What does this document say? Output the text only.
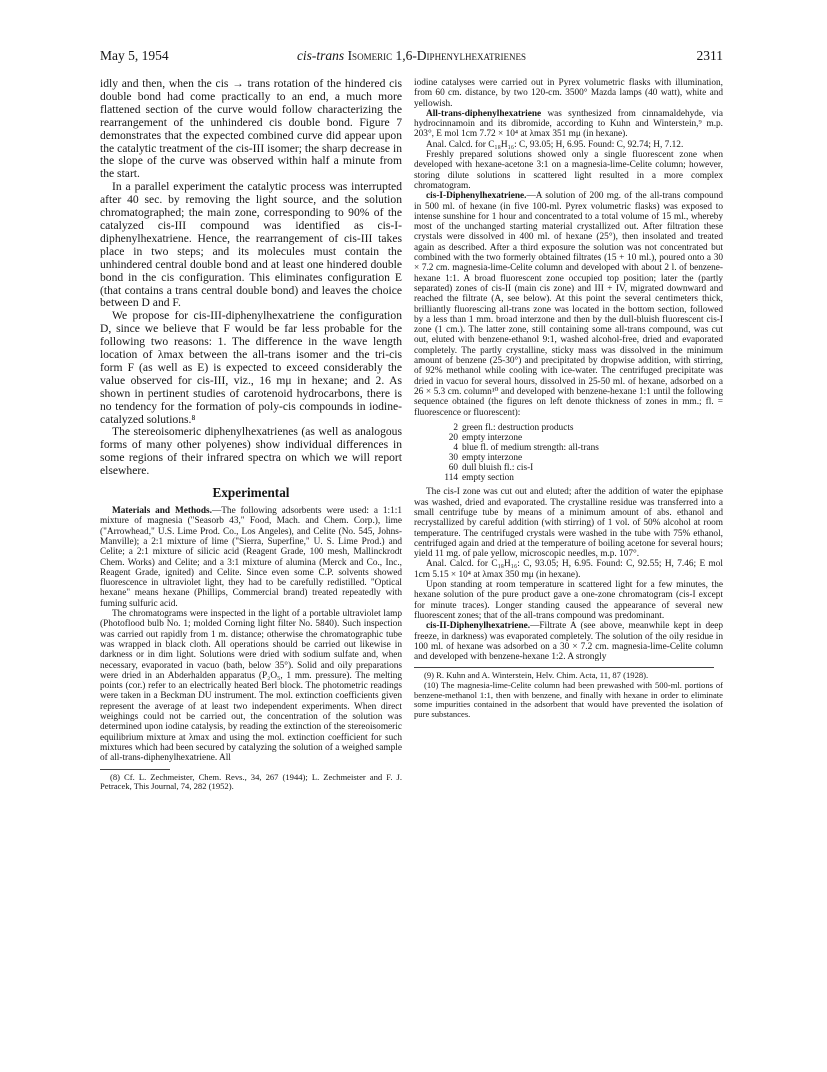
May 5, 1954	cis-trans Isomeric 1,6-Diphenylhexatrienes	2311

idly and then, when the cis → trans rotation of the hindered cis double bond had come practically to an end, a much more flattened section of the curve would follow characterizing the rearrangement of the unhindered cis double bond. Figure 7 demonstrates that the expected combined curve did appear upon the catalytic treatment of the cis-III isomer; the sharp decrease in the slope of the curve was observed within half a minute from the start.

In a parallel experiment the catalytic process was interrupted after 40 sec. by removing the light source, and the solution chromatographed; the main zone, corresponding to 90% of the catalyzed cis-III compound was identified as cis-I-diphenylhexatriene. Hence, the rearrangement of cis-III takes place in two steps; and its molecules must contain the unhindered central double bond and at least one hindered double bond in the cis configuration. This eliminates configuration E (that contains a trans central double bond) and leaves the choice between D and F.

We propose for cis-III-diphenylhexatriene the configuration D, since we believe that F would be far less probable for the following two reasons: 1. The difference in the wave length location of λmax between the all-trans isomer and the tri-cis form F (as well as E) is expected to exceed considerably the value observed for cis-III, viz., 16 mμ in hexane; and 2. As shown in pertinent studies of carotenoid hydrocarbons, there is no tendency for the formation of poly-cis compounds in iodine-catalyzed solutions.⁸

The stereoisomeric diphenylhexatrienes (as well as analogous forms of many other polyenes) show individual differences in some regions of their infrared spectra on which we will report elsewhere.

Experimental

Materials and Methods.—The following adsorbents were used: a 1:1:1 mixture of magnesia ("Seasorb 43," Food, Mach. and Chem. Corp.), lime ("Arrowhead," U.S. Lime Prod. Co., Los Angeles), and Celite (No. 545, Johns-Manville); a 2:1 mixture of lime ("Sierra, Superfine," U. S. Lime Prod.) and Celite; a 2:1 mixture of silicic acid (Reagent Grade, 100 mesh, Mallinckrodt Chem. Works) and Celite; and a 3:1 mixture of alumina (Merck and Co., Inc., Reagent Grade, ignited) and Celite. Since even some C.P. solvents showed fluorescence in ultraviolet light, they had to be carefully redistilled. "Optical hexane" means hexane (Phillips, Commercial brand) treated repeatedly with fuming sulfuric acid.

The chromatograms were inspected in the light of a portable ultraviolet lamp (Photoflood bulb No. 1; molded Corning light filter No. 5840). Such inspection was carried out rapidly from 1 m. distance; otherwise the chromatographic tube was wrapped in black cloth. All operations should be carried out likewise in darkness or in dim light. Solutions were dried with sodium sulfate and, when necessary, evaporated in vacuo (bath, below 35°). Solid and oily preparations were dried in an Abderhalden apparatus (P₂O₅, 1 mm. pressure). The melting points (cor.) refer to an electrically heated Berl block. The photometric readings were taken in a Beckman DU instrument. The mol. extinction coefficients given represent the average of at least two independent experiments. When direct weighings could not be carried out, the concentration of the solution was determined upon iodine catalysis, by reading the extinction of the stereoisomeric equilibrium mixture at λmax and using the mol. extinction coefficient for such mixtures which had been secured by catalyzing the solution of a weighed sample of all-trans-diphenylhexatriene. All

(8) Cf. L. Zechmeister, Chem. Revs., 34, 267 (1944); L. Zechmeister and F. J. Petracek, This Journal, 74, 282 (1952).

iodine catalyses were carried out in Pyrex volumetric flasks with illumination, from 60 cm. distance, by two 120-cm. 3500° Mazda lamps (40 watt), white and yellowish.

All-trans-diphenylhexatriene was synthesized from cinnamaldehyde, via hydrocinnamoin and its dibromide, according to Kuhn and Winterstein,⁹ m.p. 203°, E mol 1cm 7.72 × 10⁴ at λmax 351 mμ (in hexane).

Anal. Calcd. for C₁₈H₁₆: C, 93.05; H, 6.95. Found: C, 92.74; H, 7.12.

Freshly prepared solutions showed only a single fluorescent zone when developed with hexane-acetone 3:1 on a magnesia-lime-Celite column; however, storing dilute solutions in scattered light resulted in a more complex chromatogram.

cis-I-Diphenylhexatriene.—A solution of 200 mg. of the all-trans compound in 500 ml. of hexane (in five 100-ml. Pyrex volumetric flasks) was exposed to intense sunshine for 1 hour and concentrated to a total volume of 15 ml., whereby most of the unchanged starting material crystallized out. After filtration these crystals were dissolved in 400 ml. of hexane (25°), then insolated and treated again as described. After a third exposure the solution was not concentrated but combined with the two formerly obtained filtrates (15 + 10 ml.), poured onto a 30 × 7.2 cm. magnesia-lime-Celite column and developed with about 2 l. of benzene-hexane 1:1. A broad fluorescent zone occupied top position; later the (partly separated) zones of cis-II (main cis zone) and III + IV, migrated downward and reached the filtrate (A, see below). At this point the several centimeters thick, brilliantly fluorescing all-trans zone was located in the bottom section, followed by a less than 1 mm. broad interzone and then by the dull-bluish fluorescent cis-I zone (1 cm.). The latter zone, still containing some all-trans compound, was cut out, eluted with benzene-ethanol 9:1, washed alcohol-free, dried and evaporated completely. The partly crystalline, sticky mass was dissolved in the minimum amount of benzene (25-30°) and precipitated by dropwise addition, with stirring, of 92% methanol while cooling with ice-water. The centrifuged precipitate was dried in vacuo for several hours, dissolved in 25-50 ml. of hexane, adsorbed on a 26 × 5.3 cm. column¹⁰ and developed with benzene-hexane 1:1 until the following sequence obtained (the figures on left denote thickness of zones in mm.; fl. = fluorescence or fluorescent):

2 green fl.: destruction products
20 empty interzone
4 blue fl. of medium strength: all-trans
30 empty interzone
60 dull bluish fl.: cis-I
114 empty section

The cis-I zone was cut out and eluted; after the addition of water the epiphase was washed, dried and evaporated. The crystalline residue was transferred into a small centrifuge tube by means of a minimum amount of abs. ethanol and recrystallized by careful addition (with stirring) of 1 vol. of 50% alcohol at room temperature. The centrifuged crystals were washed in the tube with 75% ethanol, centrifuged again and dried at the temperature of boiling acetone for several hours; yield 11 mg. of pale yellow, microscopic needles, m.p. 107°.

Anal. Calcd. for C₁₈H₁₆: C, 93.05; H, 6.95. Found: C, 92.55; H, 7.46; E mol 1cm 5.15 × 10⁴ at λmax 350 mμ (in hexane).

Upon standing at room temperature in scattered light for a few minutes, the hexane solution of the pure product gave a one-zone chromatogram (cis-I except for minute traces). Longer standing caused the appearance of several new fluorescent zones; that of the all-trans compound was predominant.

cis-II-Diphenylhexatriene.—Filtrate A (see above, meanwhile kept in deep freeze, in darkness) was evaporated completely. The solution of the oily residue in 100 ml. of hexane was adsorbed on a 30 × 7.2 cm. magnesia-lime-Celite column and developed with benzene-hexane 1:2. A strongly

(9) R. Kuhn and A. Winterstein, Helv. Chim. Acta, 11, 87 (1928).

(10) The magnesia-lime-Celite column had been prewashed with 500-ml. portions of benzene-methanol 1:1, then with benzene, and finally with hexane in order to eliminate some impurities contained in the adsorbent that would have prevented the isolation of pure substances.
